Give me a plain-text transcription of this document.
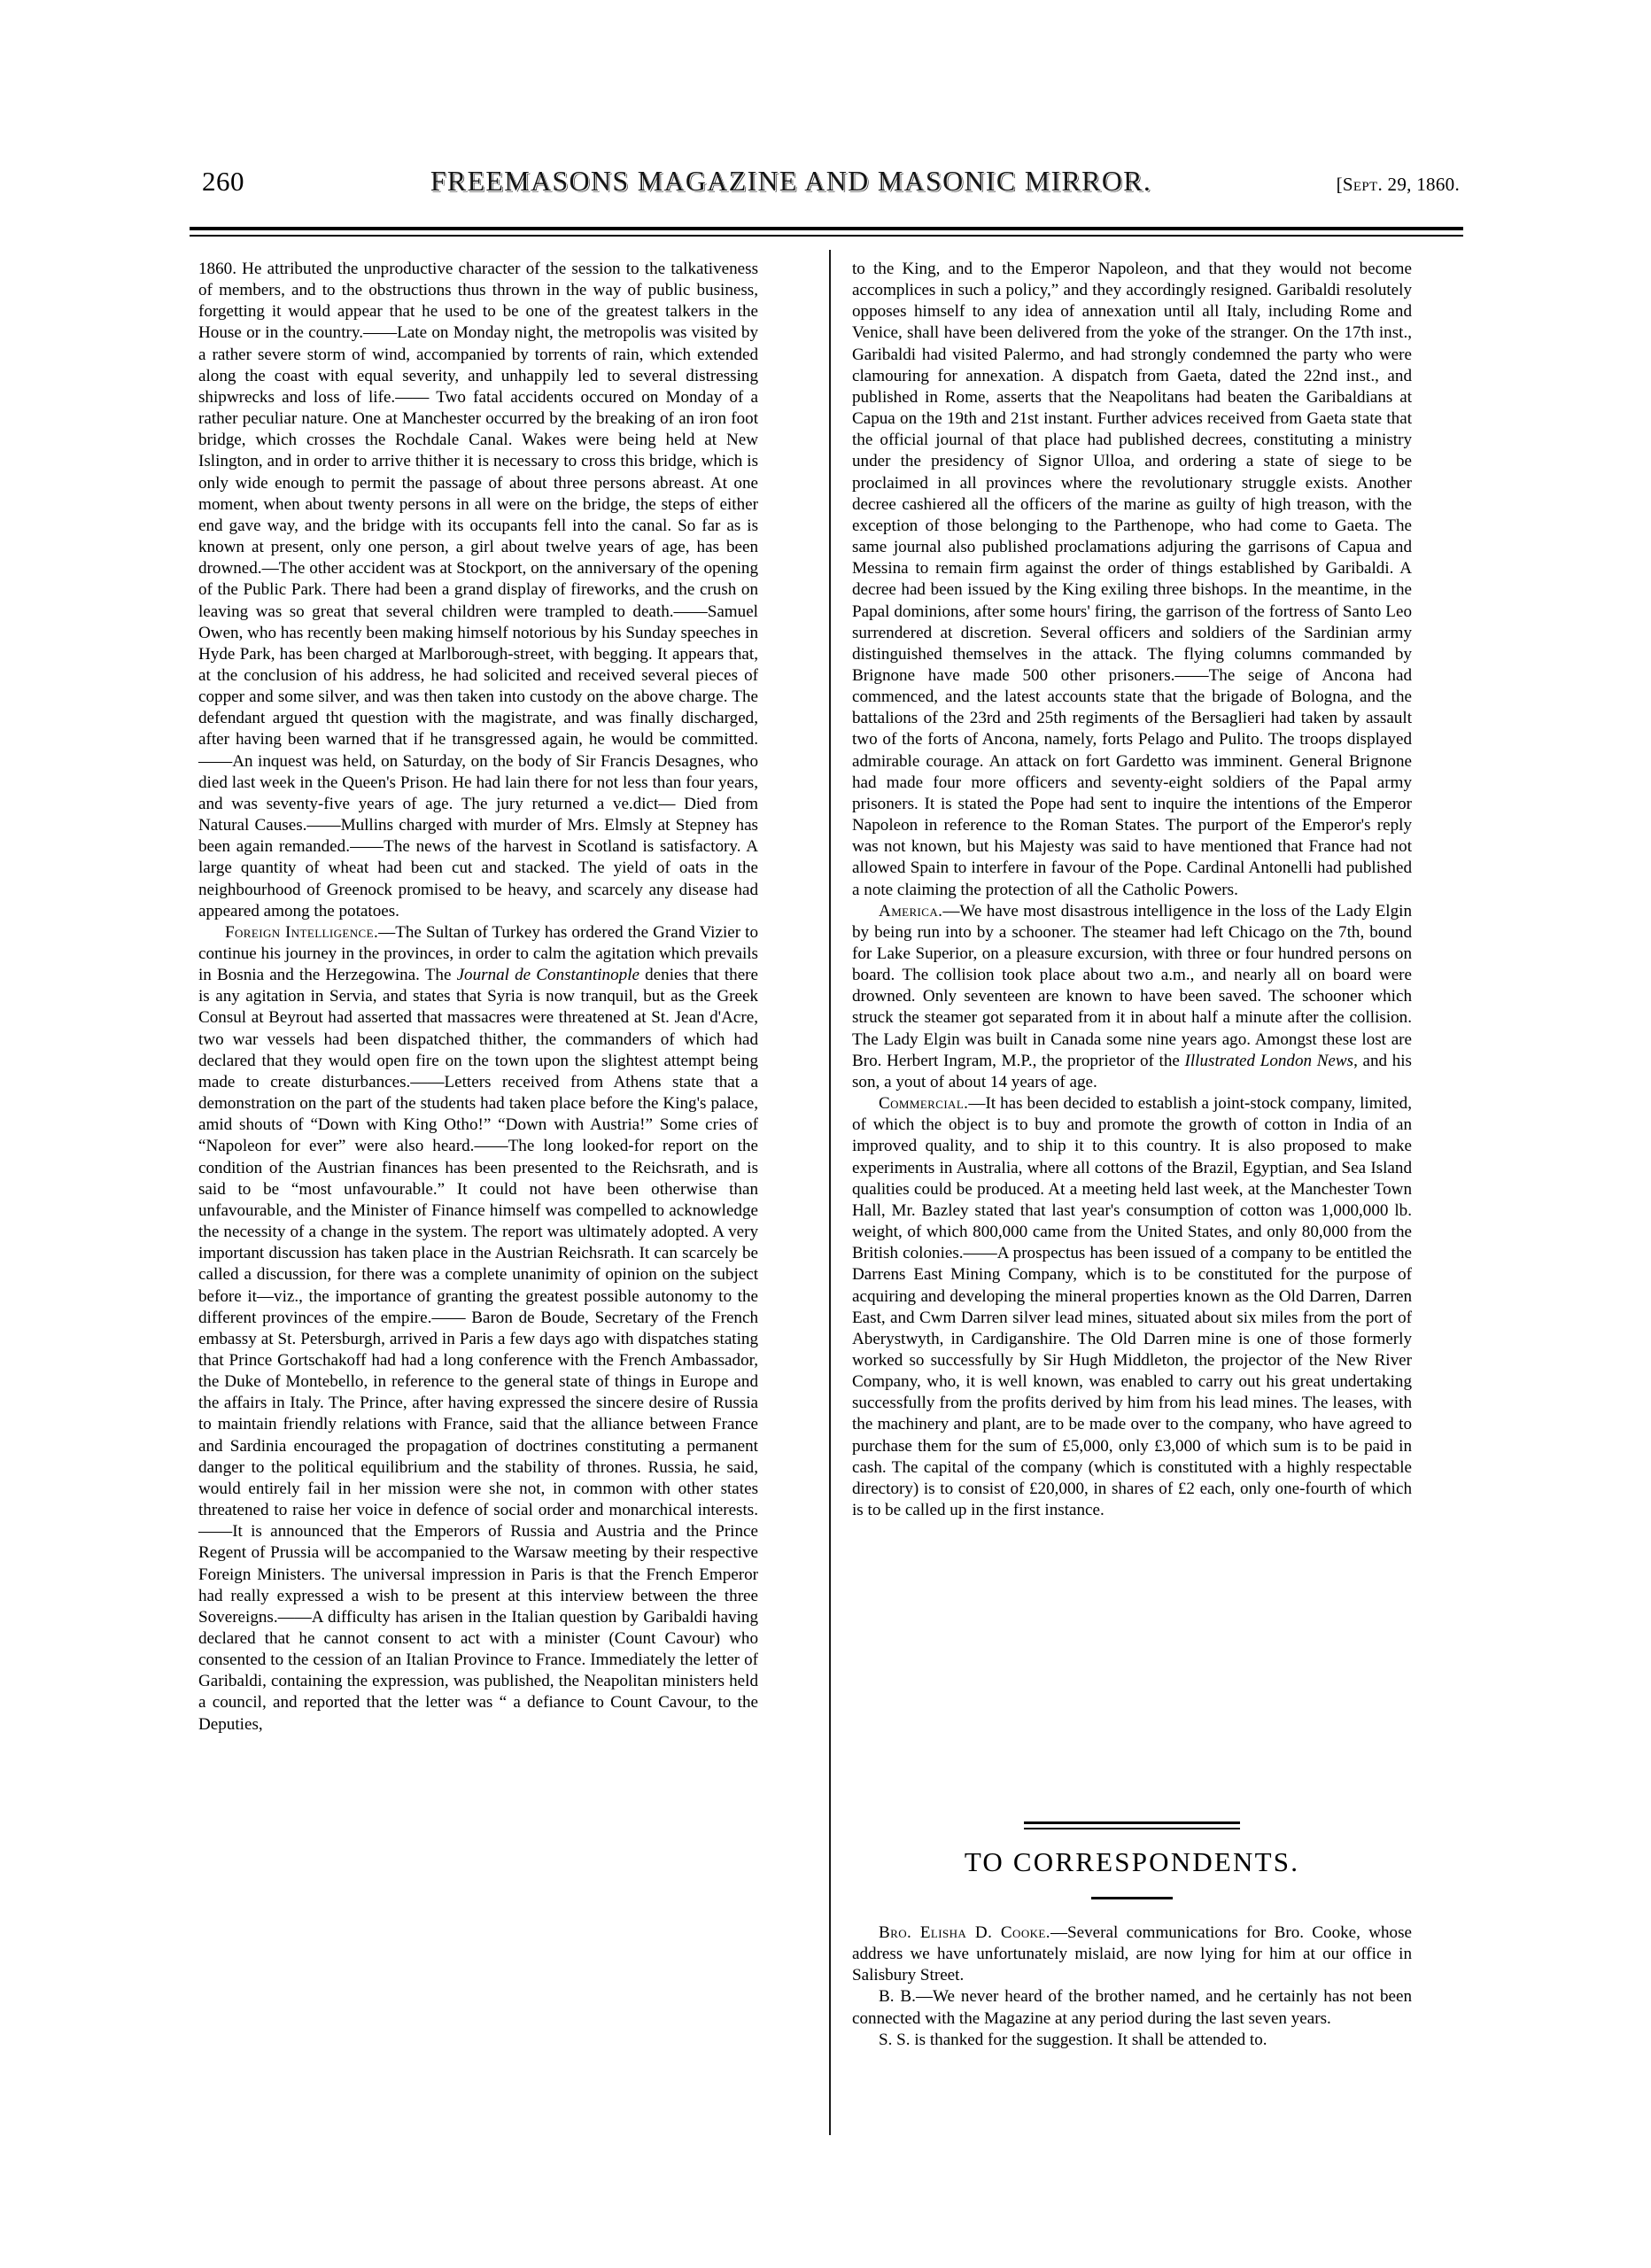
260	FREEMASONS MAGAZINE AND MASONIC MIRROR.	[Sept. 29, 1860.

1860. He attributed the unproductive character of the session to the talkativeness of members, and to the obstructions thus thrown in the way of public business, forgetting it would appear that he used to be one of the greatest talkers in the House or in the country.——Late on Monday night, the metropolis was visited by a rather severe storm of wind, accompanied by torrents of rain, which extended along the coast with equal severity, and unhappily led to several distressing shipwrecks and loss of life.—— Two fatal accidents occured on Monday of a rather peculiar nature. One at Manchester occurred by the breaking of an iron foot bridge, which crosses the Rochdale Canal. Wakes were being held at New Islington, and in order to arrive thither it is necessary to cross this bridge, which is only wide enough to permit the passage of about three persons abreast. At one moment, when about twenty persons in all were on the bridge, the steps of either end gave way, and the bridge with its occupants fell into the canal. So far as is known at present, only one person, a girl about twelve years of age, has been drowned.—The other accident was at Stockport, on the anniversary of the opening of the Public Park. There had been a grand display of fireworks, and the crush on leaving was so great that several children were trampled to death.——Samuel Owen, who has recently been making himself notorious by his Sunday speeches in Hyde Park, has been charged at Marlborough-street, with begging. It appears that, at the conclusion of his address, he had solicited and received several pieces of copper and some silver, and was then taken into custody on the above charge. The defendant argued tht question with the magistrate, and was finally discharged, after having been warned that if he transgressed again, he would be committed.——An inquest was held, on Saturday, on the body of Sir Francis Desagnes, who died last week in the Queen's Prison. He had lain there for not less than four years, and was seventy-five years of age. The jury returned a ve.dict— Died from Natural Causes.——Mullins charged with murder of Mrs. Elmsly at Stepney has been again remanded.——The news of the harvest in Scotland is satisfactory. A large quantity of wheat had been cut and stacked. The yield of oats in the neighbourhood of Greenock promised to be heavy, and scarcely any disease had appeared among the potatoes.

Foreign Intelligence.—The Sultan of Turkey has ordered the Grand Vizier to continue his journey in the provinces, in order to calm the agitation which prevails in Bosnia and the Herzegowina. The Journal de Constantinople denies that there is any agitation in Servia, and states that Syria is now tranquil, but as the Greek Consul at Beyrout had asserted that massacres were threatened at St. Jean d'Acre, two war vessels had been dispatched thither, the commanders of which had declared that they would open fire on the town upon the slightest attempt being made to create disturbances.——Letters received from Athens state that a demonstration on the part of the students had taken place before the King's palace, amid shouts of “Down with King Otho!” “Down with Austria!” Some cries of “Napoleon for ever” were also heard.——The long looked-for report on the condition of the Austrian finances has been presented to the Reichsrath, and is said to be “most unfavourable.” It could not have been otherwise than unfavourable, and the Minister of Finance himself was compelled to acknowledge the necessity of a change in the system. The report was ultimately adopted. A very important discussion has taken place in the Austrian Reichsrath. It can scarcely be called a discussion, for there was a complete unanimity of opinion on the subject before it—viz., the importance of granting the greatest possible autonomy to the different provinces of the empire.—— Baron de Boude, Secretary of the French embassy at St. Petersburgh, arrived in Paris a few days ago with dispatches stating that Prince Gortschakoff had had a long conference with the French Ambassador, the Duke of Montebello, in reference to the general state of things in Europe and the affairs in Italy. The Prince, after having expressed the sincere desire of Russia to maintain friendly relations with France, said that the alliance between France and Sardinia encouraged the propagation of doctrines constituting a permanent danger to the political equilibrium and the stability of thrones. Russia, he said, would entirely fail in her mission were she not, in common with other states threatened to raise her voice in defence of social order and monarchical interests.——It is announced that the Emperors of Russia and Austria and the Prince Regent of Prussia will be accompanied to the Warsaw meeting by their respective Foreign Ministers. The universal impression in Paris is that the French Emperor had really expressed a wish to be present at this interview between the three Sovereigns.——A difficulty has arisen in the Italian question by Garibaldi having declared that he cannot consent to act with a minister (Count Cavour) who consented to the cession of an Italian Province to France. Immediately the letter of Garibaldi, containing the expression, was published, the Neapolitan ministers held a council, and reported that the letter was “ a defiance to Count Cavour, to the Deputies,

to the King, and to the Emperor Napoleon, and that they would not become accomplices in such a policy,” and they accordingly resigned. Garibaldi resolutely opposes himself to any idea of annexation until all Italy, including Rome and Venice, shall have been delivered from the yoke of the stranger. On the 17th inst., Garibaldi had visited Palermo, and had strongly condemned the party who were clamouring for annexation. A dispatch from Gaeta, dated the 22nd inst., and published in Rome, asserts that the Neapolitans had beaten the Garibaldians at Capua on the 19th and 21st instant. Further advices received from Gaeta state that the official journal of that place had published decrees, constituting a ministry under the presidency of Signor Ulloa, and ordering a state of siege to be proclaimed in all provinces where the revolutionary struggle exists. Another decree cashiered all the officers of the marine as guilty of high treason, with the exception of those belonging to the Parthenope, who had come to Gaeta. The same journal also published proclamations adjuring the garrisons of Capua and Messina to remain firm against the order of things established by Garibaldi. A decree had been issued by the King exiling three bishops. In the meantime, in the Papal dominions, after some hours' firing, the garrison of the fortress of Santo Leo surrendered at discretion. Several officers and soldiers of the Sardinian army distinguished themselves in the attack. The flying columns commanded by Brignone have made 500 other prisoners.——The seige of Ancona had commenced, and the latest accounts state that the brigade of Bologna, and the battalions of the 23rd and 25th regiments of the Bersaglieri had taken by assault two of the forts of Ancona, namely, forts Pelago and Pulito. The troops displayed admirable courage. An attack on fort Gardetto was imminent. General Brignone had made four more officers and seventy-eight soldiers of the Papal army prisoners. It is stated the Pope had sent to inquire the intentions of the Emperor Napoleon in reference to the Roman States. The purport of the Emperor's reply was not known, but his Majesty was said to have mentioned that France had not allowed Spain to interfere in favour of the Pope. Cardinal Antonelli had published a note claiming the protection of all the Catholic Powers.

America.—We have most disastrous intelligence in the loss of the Lady Elgin by being run into by a schooner. The steamer had left Chicago on the 7th, bound for Lake Superior, on a pleasure excursion, with three or four hundred persons on board. The collision took place about two a.m., and nearly all on board were drowned. Only seventeen are known to have been saved. The schooner which struck the steamer got separated from it in about half a minute after the collision. The Lady Elgin was built in Canada some nine years ago. Amongst these lost are Bro. Herbert Ingram, M.P., the proprietor of the Illustrated London News, and his son, a yout of about 14 years of age.

Commercial.—It has been decided to establish a joint-stock company, limited, of which the object is to buy and promote the growth of cotton in India of an improved quality, and to ship it to this country. It is also proposed to make experiments in Australia, where all cottons of the Brazil, Egyptian, and Sea Island qualities could be produced. At a meeting held last week, at the Manchester Town Hall, Mr. Bazley stated that last year's consumption of cotton was 1,000,000 lb. weight, of which 800,000 came from the United States, and only 80,000 from the British colonies.——A prospectus has been issued of a company to be entitled the Darrens East Mining Company, which is to be constituted for the purpose of acquiring and developing the mineral properties known as the Old Darren, Darren East, and Cwm Darren silver lead mines, situated about six miles from the port of Aberystwyth, in Cardiganshire. The Old Darren mine is one of those formerly worked so successfully by Sir Hugh Middleton, the projector of the New River Company, who, it is well known, was enabled to carry out his great undertaking successfully from the profits derived by him from his lead mines. The leases, with the machinery and plant, are to be made over to the company, who have agreed to purchase them for the sum of £5,000, only £3,000 of which sum is to be paid in cash. The capital of the company (which is constituted with a highly respectable directory) is to consist of £20,000, in shares of £2 each, only one-fourth of which is to be called up in the first instance.

TO CORRESPONDENTS.

Bro. Elisha D. Cooke.—Several communications for Bro. Cooke, whose address we have unfortunately mislaid, are now lying for him at our office in Salisbury Street.

B. B.—We never heard of the brother named, and he certainly has not been connected with the Magazine at any period during the last seven years.

S. S. is thanked for the suggestion. It shall be attended to.
